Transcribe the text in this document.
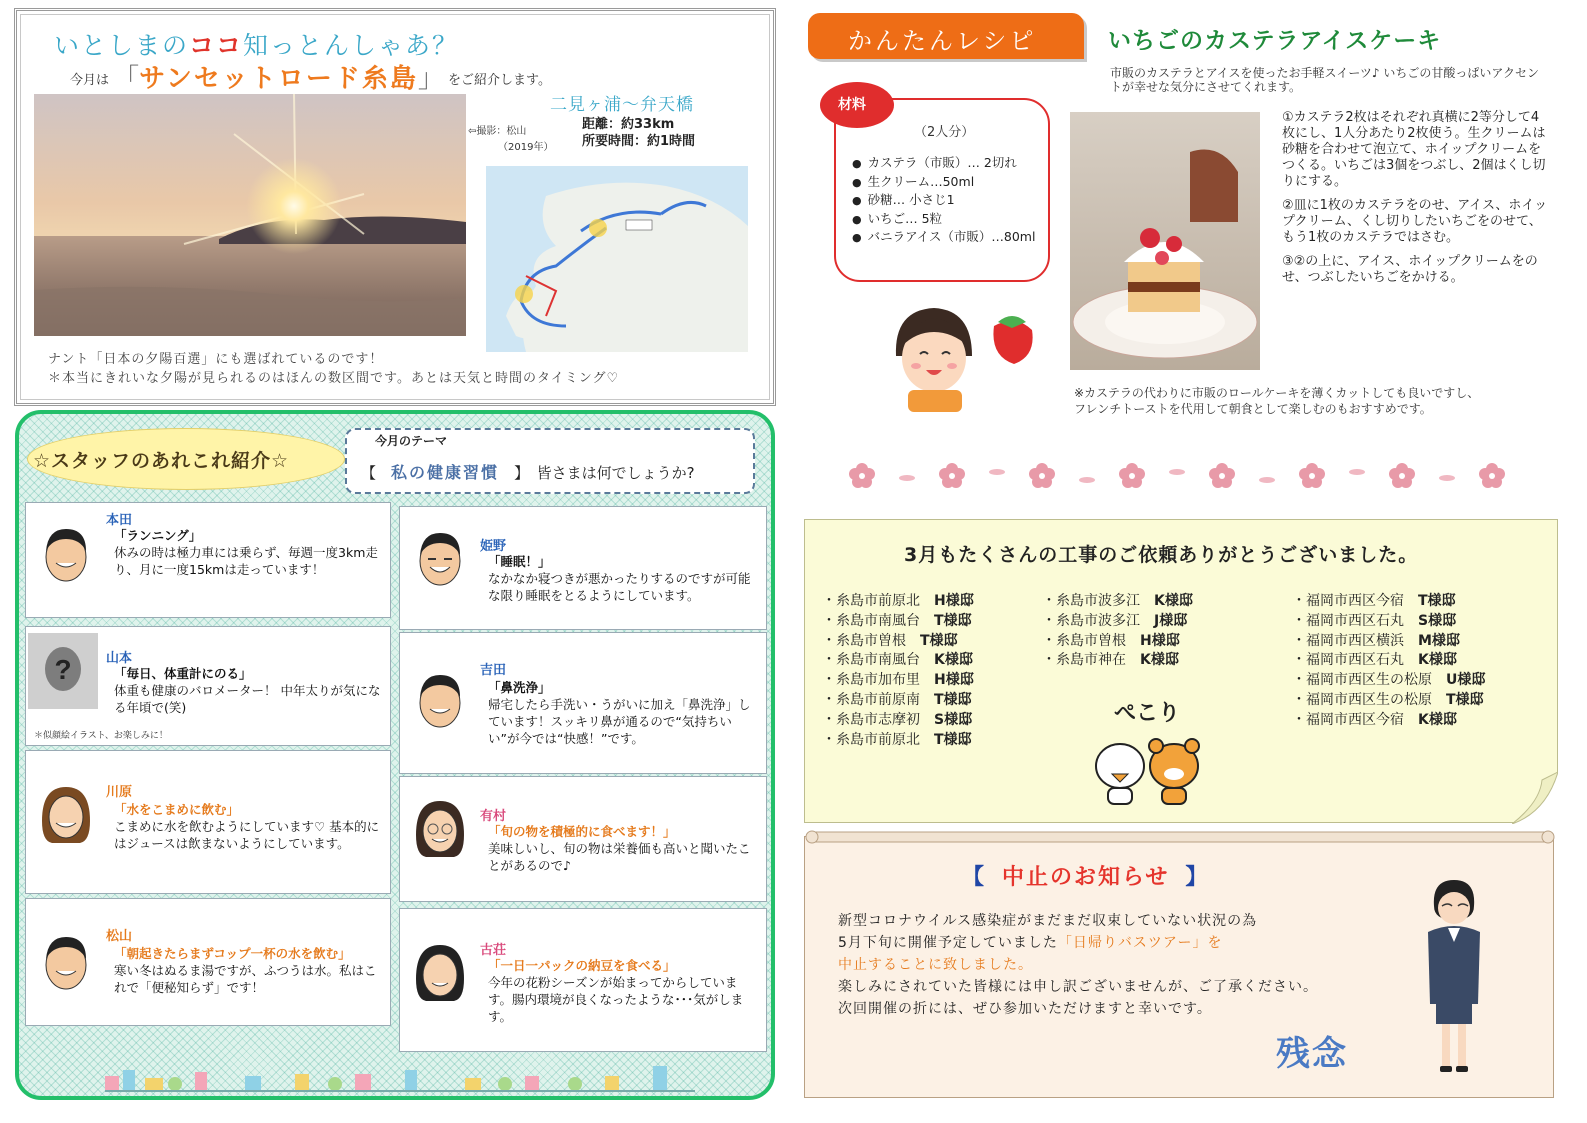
いとしまのココ知っとんしゃあ？
今月は 「サンセットロード糸島」 をご紹介します。
二見ヶ浦〜弁天橋
⇦撮影：松山
（2019年）
距離：約33km
所要時間：約1時間
ナント「日本の夕陽百選」にも選ばれているのです！
＊本当にきれいな夕陽が見られるのはほんの数区間です。あとは天気と時間のタイミング♡
☆スタッフのあれこれ紹介☆
今月のテーマ
【　 私の健康習慣　 】　 皆さまは何でしょうか?
本田
「ランニング」
休みの時は極力車には乗らず、毎週一度3km走り、月に一度15kmは走っています！
姫野
「睡眠！」
なかなか寝つきが悪かったりするのですが可能な限り睡眠をとるようにしています。
?	山本
「毎日、体重計にのる」
体重も健康のバロメーター！ 中年太りが気になる年頃で(笑)
＊似顔絵イラスト、お楽しみに！
吉田
「鼻洗浄」
帰宅したら手洗い・うがいに加え「鼻洗浄」しています！スッキリ鼻が通るので“気持ちいい”が今では“快感！”です。
川原
「水をこまめに飲む」
こまめに水を飲むようにしています♡ 基本的にはジュースは飲まないようにしています。
有村
「旬の物を積極的に食べます！」
美味しいし、旬の物は栄養価も高いと聞いたことがあるので♪
松山
「朝起きたらまずコップ一杯の水を飲む」
寒い冬はぬるま湯ですが、ふつうは水。私はこれで「便秘知らず」です！
古荘
「一日一パックの納豆を食べる」
今年の花粉シーズンが始まってからしています。腸内環境が良くなったような･･･気がします。
かんたんレシピ	いちごのカステラアイスケーキ
市販のカステラとアイスを使ったお手軽スイーツ♪ いちごの甘酸っぱいアクセントが幸せな気分にさせてくれます。
材料
（2人分）
● カステラ（市販）… 2切れ
● 生クリーム…50ml
● 砂糖… 小さじ1
● いちご… 5粒
● バニラアイス（市販）…80ml

①カステラ2枚はそれぞれ真横に2等分して4枚にし、1人分あたり2枚使う。生クリームは砂糖を合わせて泡立て、ホイップクリームをつくる。いちごは3個をつぶし、2個はくし切りにする。

②皿に1枚のカステラをのせ、アイス、ホイップクリーム、くし切りしたいちごをのせて、もう1枚のカステラではさむ。

③②の上に、アイス、ホイップクリームをのせ、つぶしたいちごをかける。

※カステラの代わりに市販のロールケーキを薄くカットしても良いですし、
フレンチトーストを代用して朝食として楽しむのもおすすめです。
3月もたくさんの工事のご依頼ありがとうございました。
・ 糸島市前原北 H様邸
・ 糸島市南風台 T様邸
・ 糸島市曽根 T様邸
・ 糸島市南風台 K様邸
・ 糸島市加布里 H様邸
・ 糸島市前原南 T様邸
・ 糸島市志摩初 S様邸
・ 糸島市前原北 T様邸
・ 糸島市波多江 K様邸
・ 糸島市波多江 J様邸
・ 糸島市曽根 H様邸
・ 糸島市神在 K様邸
・ 福岡市西区今宿 T様邸
・ 福岡市西区石丸 S様邸
・ 福岡市西区横浜 M様邸
・ 福岡市西区石丸 K様邸
・ 福岡市西区生の松原 U様邸
・ 福岡市西区生の松原 T様邸
・ 福岡市西区今宿 K様邸
ぺこり
【 中止のお知らせ 】
新型コロナウイルス感染症がまだまだ収束していない状況の為
5月下旬に開催予定していました「日帰りバスツアー」を
中止することに致しました。
楽しみにされていた皆様には申し訳ございませんが、ご了承ください。
次回開催の折には、ぜひ参加いただけますと幸いです。
残念
